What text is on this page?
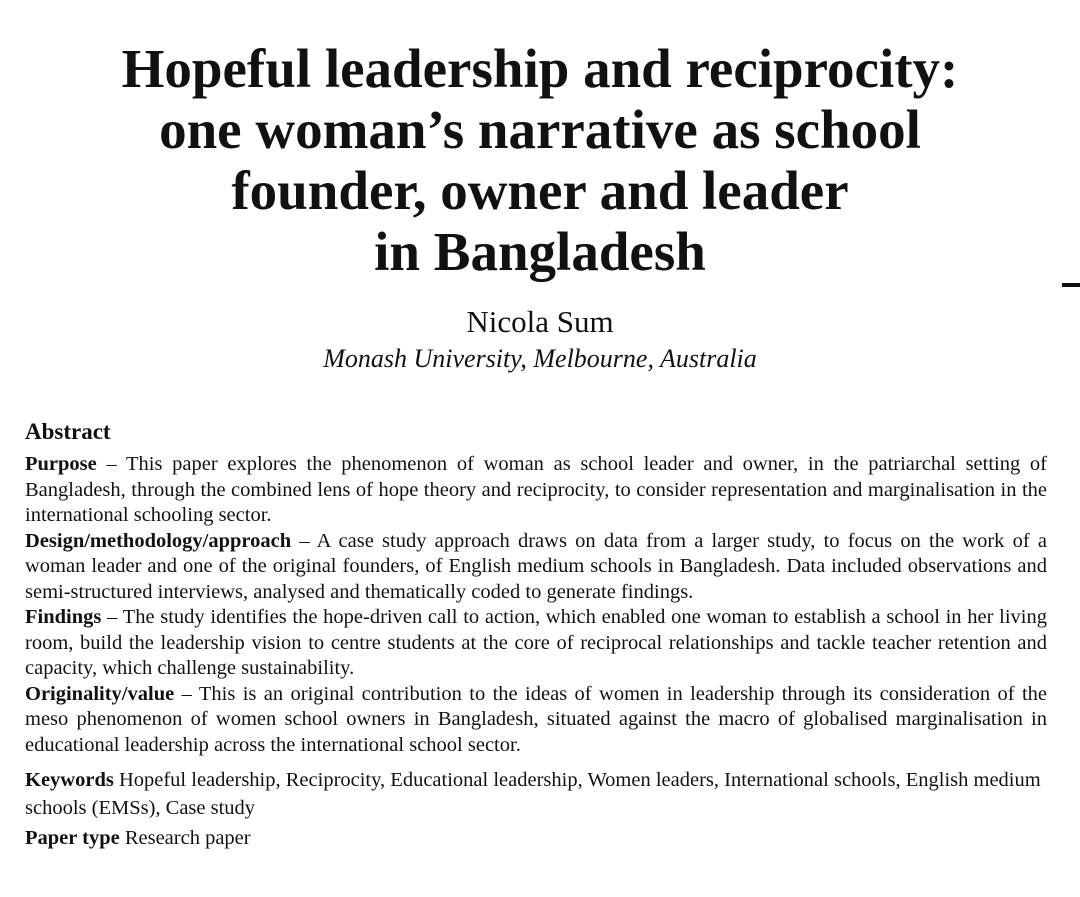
Hopeful leadership and reciprocity:
one woman’s narrative as school
founder, owner and leader
in Bangladesh
Nicola Sum
Monash University, Melbourne, Australia
Abstract

Purpose – This paper explores the phenomenon of woman as school leader and owner, in the patriarchal setting of Bangladesh, through the combined lens of hope theory and reciprocity, to consider representation and marginalisation in the international schooling sector.

Design/methodology/approach – A case study approach draws on data from a larger study, to focus on the work of a woman leader and one of the original founders, of English medium schools in Bangladesh. Data included observations and semi-structured interviews, analysed and thematically coded to generate findings.

Findings – The study identifies the hope-driven call to action, which enabled one woman to establish a school in her living room, build the leadership vision to centre students at the core of reciprocal relationships and tackle teacher retention and capacity, which challenge sustainability.

Originality/value – This is an original contribution to the ideas of women in leadership through its consideration of the meso phenomenon of women school owners in Bangladesh, situated against the macro of globalised marginalisation in educational leadership across the international school sector.

Keywords Hopeful leadership, Reciprocity, Educational leadership, Women leaders, International schools, English medium schools (EMSs), Case study

Paper type Research paper
